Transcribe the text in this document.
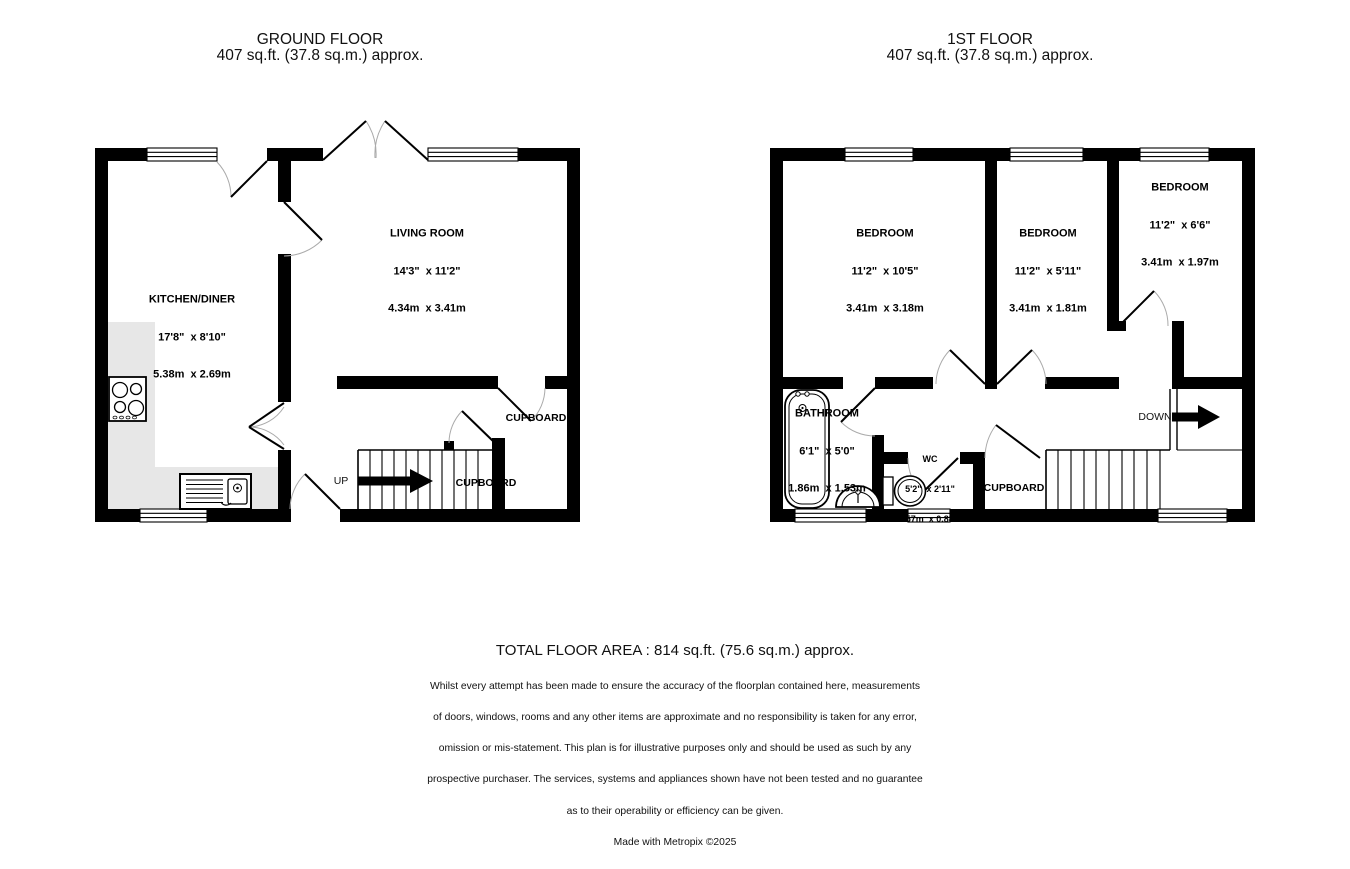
GROUND FLOOR
407 sq.ft. (37.8 sq.m.) approx.
1ST FLOOR
407 sq.ft. (37.8 sq.m.) approx.

LIVING ROOM

14'3"  x 11'2"

4.34m  x 3.41m

KITCHEN/DINER

17'8"  x 8'10"

5.38m  x 2.69m

CUPBOARD
CUPBOARD
UP

BEDROOM

11'2"  x 10'5"

3.41m  x 3.18m

BEDROOM

11'2"  x 5'11"

3.41m  x 1.81m

BEDROOM

11'2"  x 6'6"

3.41m  x 1.97m

BATHROOM

6'1"  x 5'0"

1.86m  x 1.53m

WC

5'2"  x 2'11"

1.57m  x 0.88m

CUPBOARD
DOWN
TOTAL FLOOR AREA : 814 sq.ft. (75.6 sq.m.) approx.

Whilst every attempt has been made to ensure the accuracy of the floorplan contained here, measurements

of doors, windows, rooms and any other items are approximate and no responsibility is taken for any error,

omission or mis-statement. This plan is for illustrative purposes only and should be used as such by any

prospective purchaser. The services, systems and appliances shown have not been tested and no guarantee

as to their operability or efficiency can be given.

Made with Metropix ©2025
